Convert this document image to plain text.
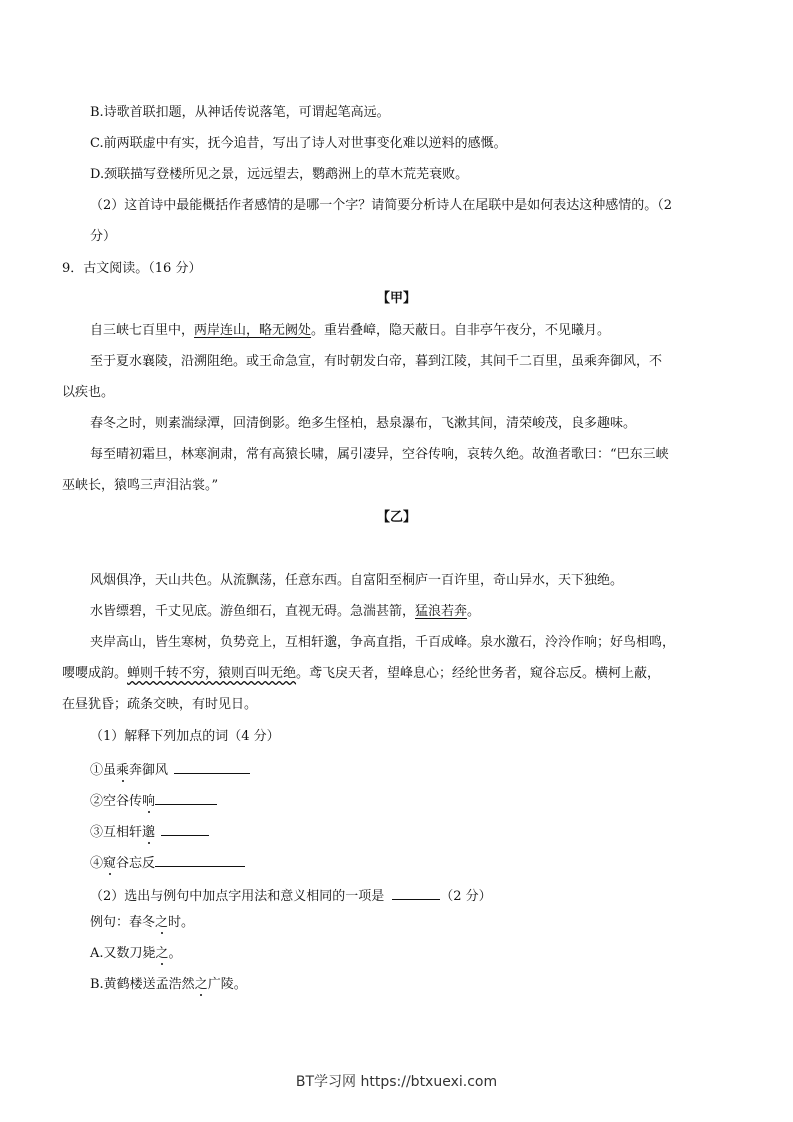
B.诗歌首联扣题，从神话传说落笔，可谓起笔高远。
C.前两联虚中有实，抚今追昔，写出了诗人对世事变化难以逆料的感慨。
D.颈联描写登楼所见之景，远远望去，鹦鹉洲上的草木荒芜衰败。
（2）这首诗中最能概括作者感情的是哪一个字？请简要分析诗人在尾联中是如何表达这种感情的。（2
分）
9．古文阅读。（16 分）
【甲】
自三峡七百里中，两岸连山，略无阙处。重岩叠嶂，隐天蔽日。自非亭午夜分，不见曦月。
至于夏水襄陵，沿溯阻绝。或王命急宣，有时朝发白帝，暮到江陵，其间千二百里，虽乘奔御风，不
以疾也。
春冬之时，则素湍绿潭，回清倒影。绝多生怪柏，悬泉瀑布，飞漱其间，清荣峻茂，良多趣味。
每至晴初霜旦，林寒涧肃，常有高猿长啸，属引凄异，空谷传响，哀转久绝。故渔者歌曰：“巴东三峡
巫峡长，猿鸣三声泪沾裳。”
【乙】
风烟俱净，天山共色。从流飘荡，任意东西。自富阳至桐庐一百许里，奇山异水，天下独绝。
水皆缥碧，千丈见底。游鱼细石，直视无碍。急湍甚箭，猛浪若奔。
夹岸高山，皆生寒树，负势竞上，互相轩邈，争高直指，千百成峰。泉水激石，泠泠作响；好鸟相鸣，
嘤嘤成韵。蝉则千转不穷，猿则百叫无绝。鸢飞戾天者，望峰息心；经纶世务者，窥谷忘反。横柯上蔽，
在昼犹昏；疏条交映，有时见日。
（1）解释下列加点的词（4 分）
①虽乘奔御风
②空谷传响
③互相轩邈
④窥谷忘反
（2）选出与例句中加点字用法和意义相同的一项是	（2 分）
例句：春冬之时。
A.又数刀毙之。
B.黄鹤楼送孟浩然之广陵。
BT学习网 https://btxuexi.com
